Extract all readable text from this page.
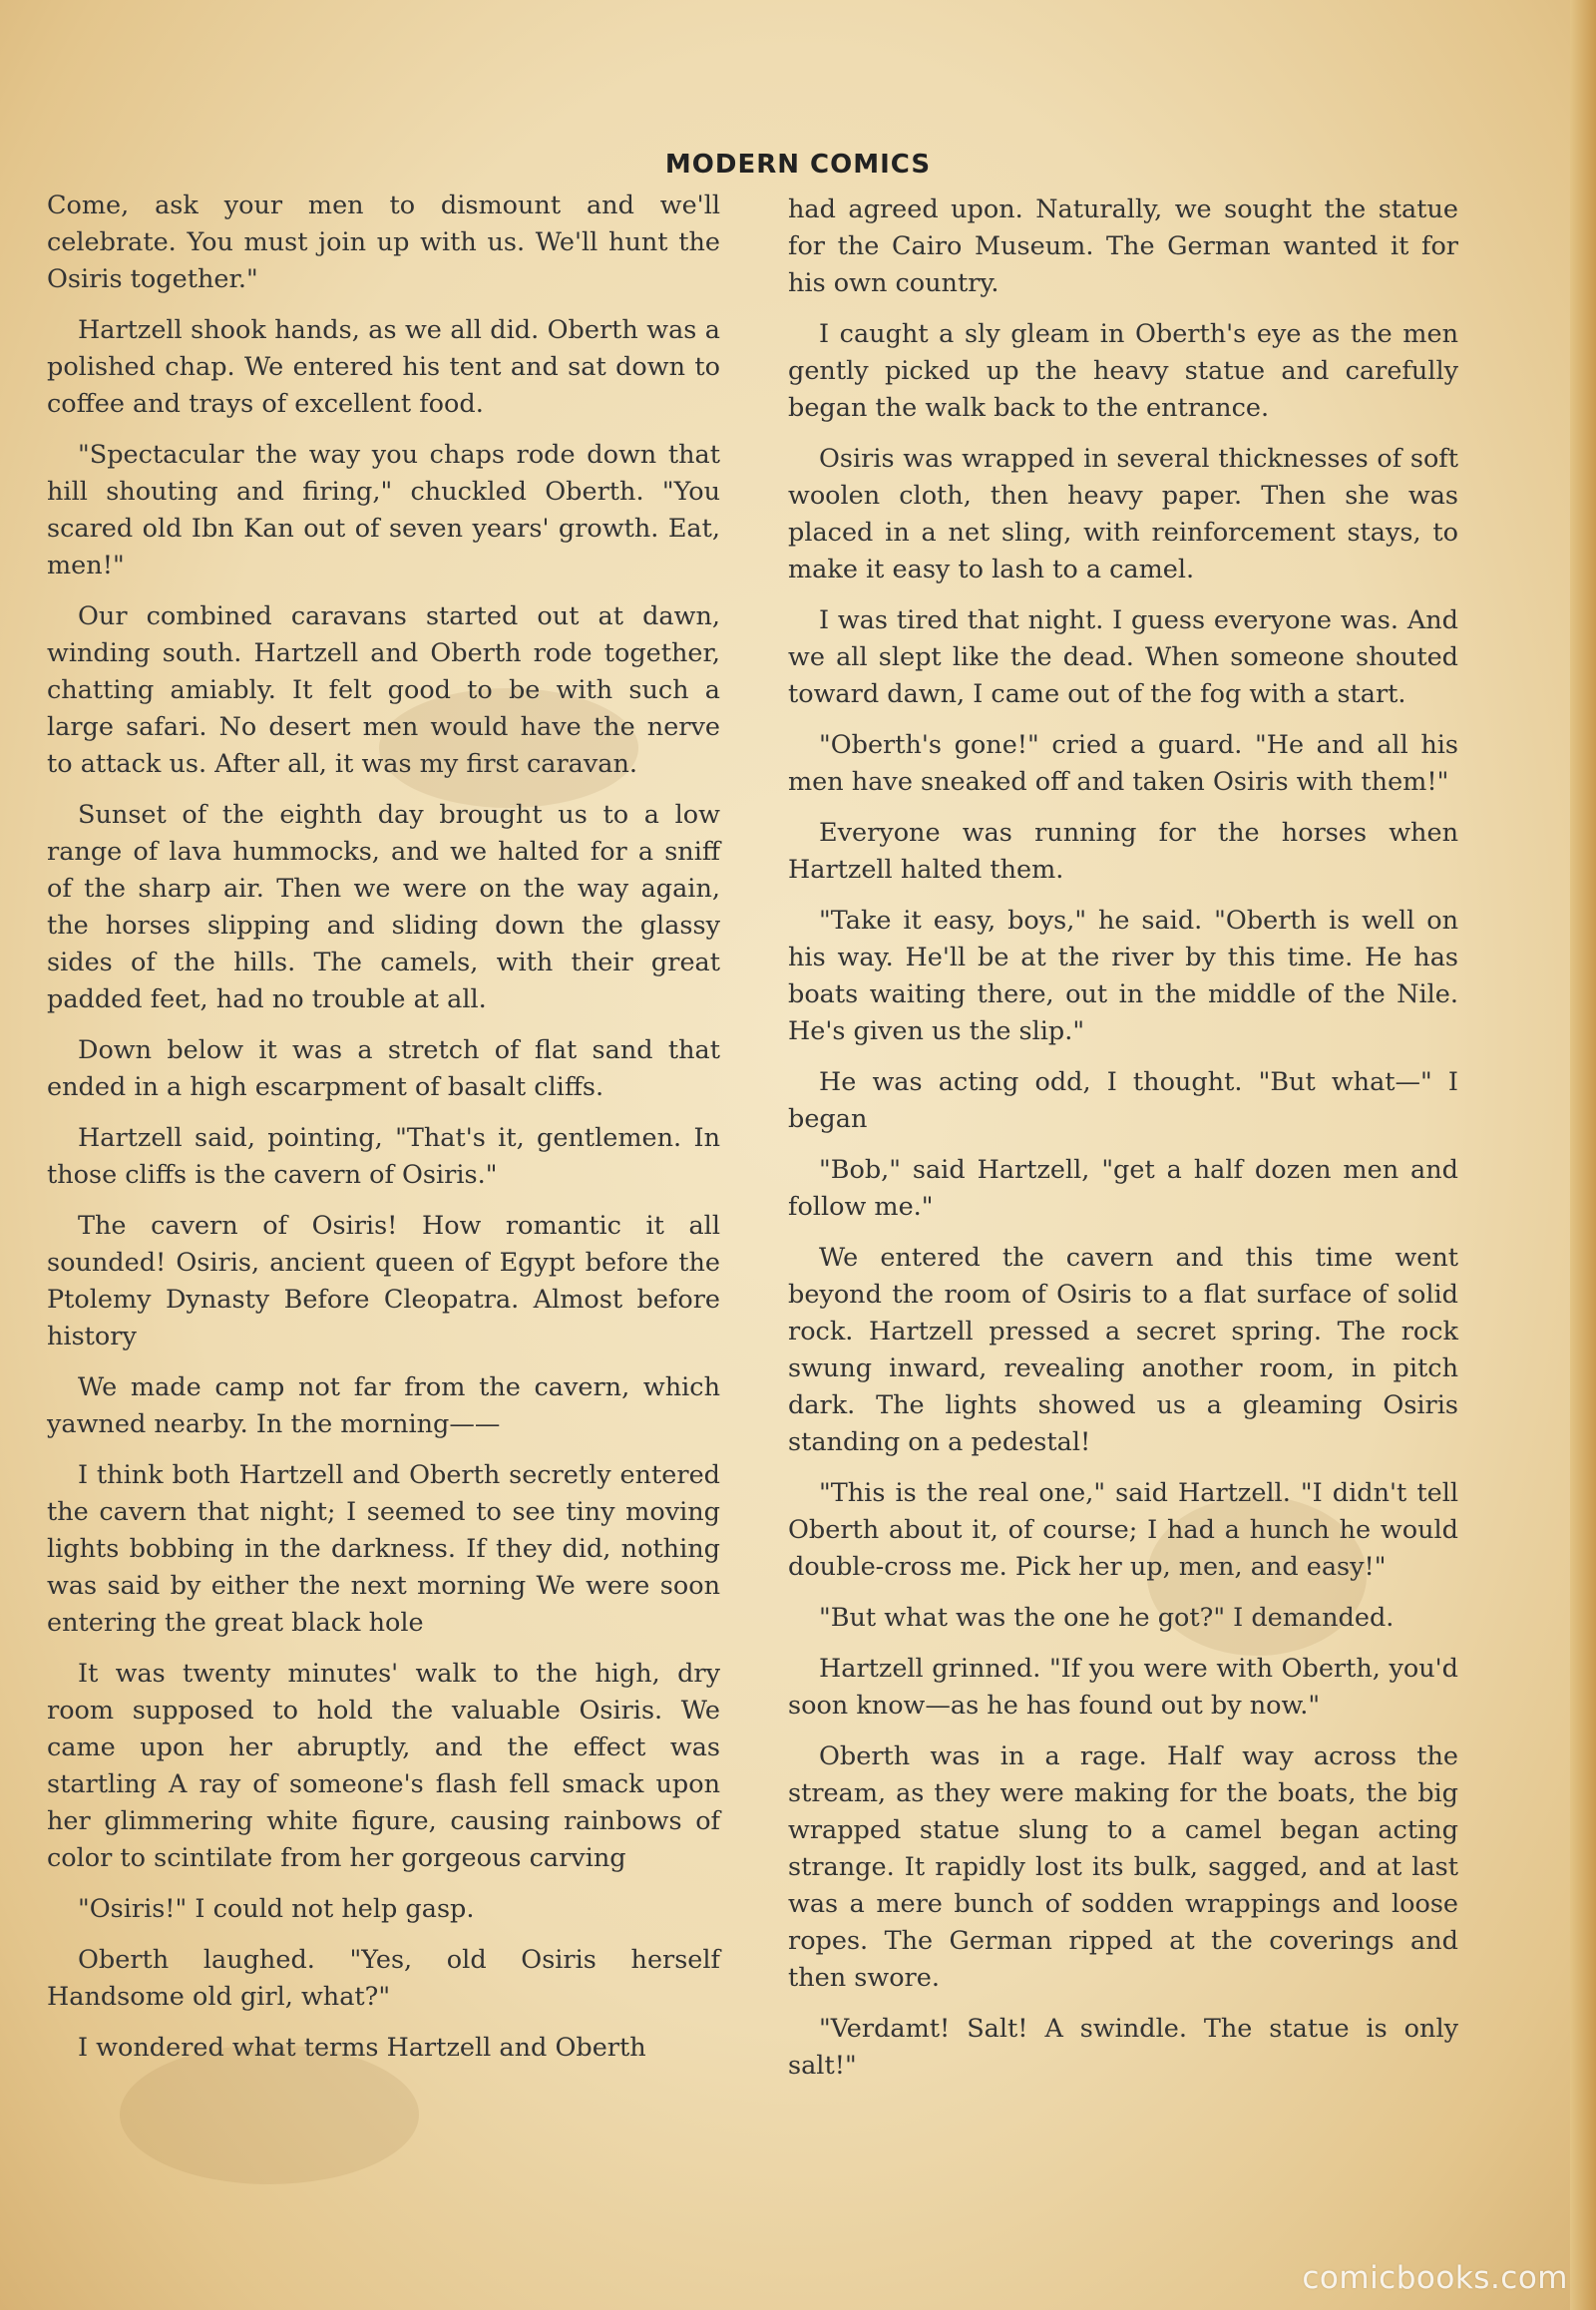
MODERN COMICS

Come, ask your men to dismount and we'll celebrate. You must join up with us. We'll hunt the Osiris together."

Hartzell shook hands, as we all did. Oberth was a polished chap. We entered his tent and sat down to coffee and trays of excellent food.

"Spectacular the way you chaps rode down that hill shouting and firing," chuckled Oberth. "You scared old Ibn Kan out of seven years' growth. Eat, men!"

Our combined caravans started out at dawn, winding south. Hartzell and Oberth rode together, chatting amiably. It felt good to be with such a large safari. No desert men would have the nerve to attack us. After all, it was my first caravan.

Sunset of the eighth day brought us to a low range of lava hummocks, and we halted for a sniff of the sharp air. Then we were on the way again, the horses slipping and sliding down the glassy sides of the hills. The camels, with their great padded feet, had no trouble at all.

Down below it was a stretch of flat sand that ended in a high escarpment of basalt cliffs.

Hartzell said, pointing, "That's it, gentlemen. In those cliffs is the cavern of Osiris."

The cavern of Osiris! How romantic it all sounded! Osiris, ancient queen of Egypt before the Ptolemy Dynasty Before Cleopatra. Almost before history

We made camp not far from the cavern, which yawned nearby. In the morning——

I think both Hartzell and Oberth secretly entered the cavern that night; I seemed to see tiny moving lights bobbing in the darkness. If they did, nothing was said by either the next morning We were soon entering the great black hole

It was twenty minutes' walk to the high, dry room supposed to hold the valuable Osiris. We came upon her abruptly, and the effect was startling A ray of someone's flash fell smack upon her glimmering white figure, causing rainbows of color to scintilate from her gorgeous carving

"Osiris!" I could not help gasp.

Oberth laughed. "Yes, old Osiris herself Handsome old girl, what?"

I wondered what terms Hartzell and Oberth

had agreed upon. Naturally, we sought the statue for the Cairo Museum. The German wanted it for his own country.

I caught a sly gleam in Oberth's eye as the men gently picked up the heavy statue and carefully began the walk back to the entrance.

Osiris was wrapped in several thicknesses of soft woolen cloth, then heavy paper. Then she was placed in a net sling, with reinforcement stays, to make it easy to lash to a camel.

I was tired that night. I guess everyone was. And we all slept like the dead. When someone shouted toward dawn, I came out of the fog with a start.

"Oberth's gone!" cried a guard. "He and all his men have sneaked off and taken Osiris with them!"

Everyone was running for the horses when Hartzell halted them.

"Take it easy, boys," he said. "Oberth is well on his way. He'll be at the river by this time. He has boats waiting there, out in the middle of the Nile. He's given us the slip."

He was acting odd, I thought. "But what—" I began

"Bob," said Hartzell, "get a half dozen men and follow me."

We entered the cavern and this time went beyond the room of Osiris to a flat surface of solid rock. Hartzell pressed a secret spring. The rock swung inward, revealing another room, in pitch dark. The lights showed us a gleaming Osiris standing on a pedestal!

"This is the real one," said Hartzell. "I didn't tell Oberth about it, of course; I had a hunch he would double-cross me. Pick her up, men, and easy!"

"But what was the one he got?" I demanded.

Hartzell grinned. "If you were with Oberth, you'd soon know—as he has found out by now."

Oberth was in a rage. Half way across the stream, as they were making for the boats, the big wrapped statue slung to a camel began acting strange. It rapidly lost its bulk, sagged, and at last was a mere bunch of sodden wrappings and loose ropes. The German ripped at the coverings and then swore.

"Verdamt! Salt! A swindle. The statue is only salt!"

comicbooks.com
